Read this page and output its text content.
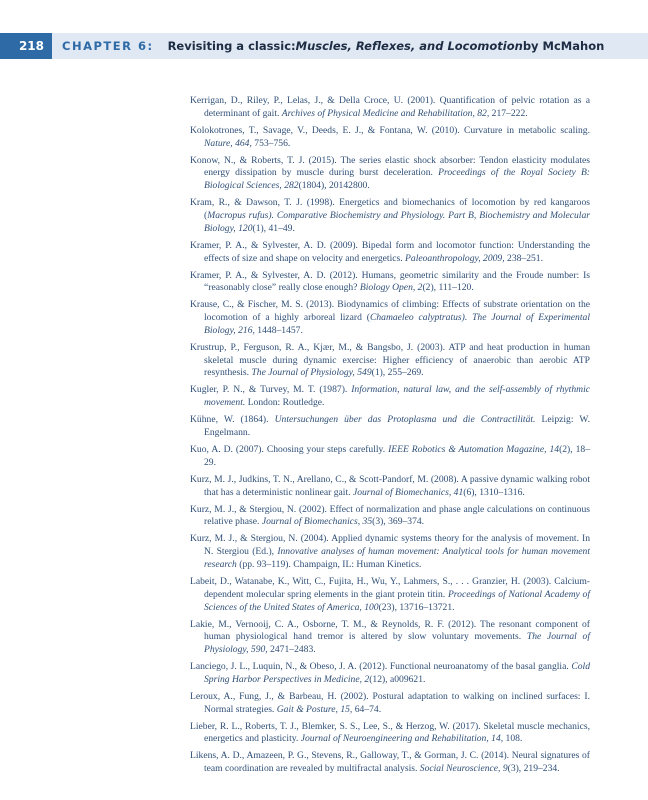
218	CHAPTER 6: Revisiting a classic: Muscles, Reflexes, and Locomotion by McMahon

Kerrigan, D., Riley, P., Lelas, J., & Della Croce, U. (2001). Quantification of pelvic rotation as a determinant of gait. Archives of Physical Medicine and Rehabilitation, 82, 217–222.

Kolokotrones, T., Savage, V., Deeds, E. J., & Fontana, W. (2010). Curvature in metabolic scaling. Nature, 464, 753–756.

Konow, N., & Roberts, T. J. (2015). The series elastic shock absorber: Tendon elasticity modulates energy dissipation by muscle during burst deceleration. Proceedings of the Royal Society B: Biological Sciences, 282(1804), 20142800.

Kram, R., & Dawson, T. J. (1998). Energetics and biomechanics of locomotion by red kangaroos (Macropus rufus). Comparative Biochemistry and Physiology. Part B, Biochemistry and Molecular Biology, 120(1), 41–49.

Kramer, P. A., & Sylvester, A. D. (2009). Bipedal form and locomotor function: Understanding the effects of size and shape on velocity and energetics. Paleoanthropology, 2009, 238–251.

Kramer, P. A., & Sylvester, A. D. (2012). Humans, geometric similarity and the Froude number: Is “reasonably close” really close enough? Biology Open, 2(2), 111–120.

Krause, C., & Fischer, M. S. (2013). Biodynamics of climbing: Effects of substrate orientation on the locomotion of a highly arboreal lizard (Chamaeleo calyptratus). The Journal of Experimental Biology, 216, 1448–1457.

Krustrup, P., Ferguson, R. A., Kjær, M., & Bangsbo, J. (2003). ATP and heat production in human skeletal muscle during dynamic exercise: Higher efficiency of anaerobic than aerobic ATP resynthesis. The Journal of Physiology, 549(1), 255–269.

Kugler, P. N., & Turvey, M. T. (1987). Information, natural law, and the self-assembly of rhythmic movement. London: Routledge.

Kühne, W. (1864). Untersuchungen über das Protoplasma und die Contractilität. Leipzig: W. Engelmann.

Kuo, A. D. (2007). Choosing your steps carefully. IEEE Robotics & Automation Magazine, 14(2), 18–29.

Kurz, M. J., Judkins, T. N., Arellano, C., & Scott-Pandorf, M. (2008). A passive dynamic walking robot that has a deterministic nonlinear gait. Journal of Biomechanics, 41(6), 1310–1316.

Kurz, M. J., & Stergiou, N. (2002). Effect of normalization and phase angle calculations on continuous relative phase. Journal of Biomechanics, 35(3), 369–374.

Kurz, M. J., & Stergiou, N. (2004). Applied dynamic systems theory for the analysis of movement. In N. Stergiou (Ed.), Innovative analyses of human movement: Analytical tools for human movement research (pp. 93–119). Champaign, IL: Human Kinetics.

Labeit, D., Watanabe, K., Witt, C., Fujita, H., Wu, Y., Lahmers, S., . . . Granzier, H. (2003). Calcium-dependent molecular spring elements in the giant protein titin. Proceedings of National Academy of Sciences of the United States of America, 100(23), 13716–13721.

Lakie, M., Vernooij, C. A., Osborne, T. M., & Reynolds, R. F. (2012). The resonant component of human physiological hand tremor is altered by slow voluntary movements. The Journal of Physiology, 590, 2471–2483.

Lanciego, J. L., Luquin, N., & Obeso, J. A. (2012). Functional neuroanatomy of the basal ganglia. Cold Spring Harbor Perspectives in Medicine, 2(12), a009621.

Leroux, A., Fung, J., & Barbeau, H. (2002). Postural adaptation to walking on inclined surfaces: I. Normal strategies. Gait & Posture, 15, 64–74.

Lieber, R. L., Roberts, T. J., Blemker, S. S., Lee, S., & Herzog, W. (2017). Skeletal muscle mechanics, energetics and plasticity. Journal of Neuroengineering and Rehabilitation, 14, 108.

Likens, A. D., Amazeen, P. G., Stevens, R., Galloway, T., & Gorman, J. C. (2014). Neural signatures of team coordination are revealed by multifractal analysis. Social Neuroscience, 9(3), 219–234.
